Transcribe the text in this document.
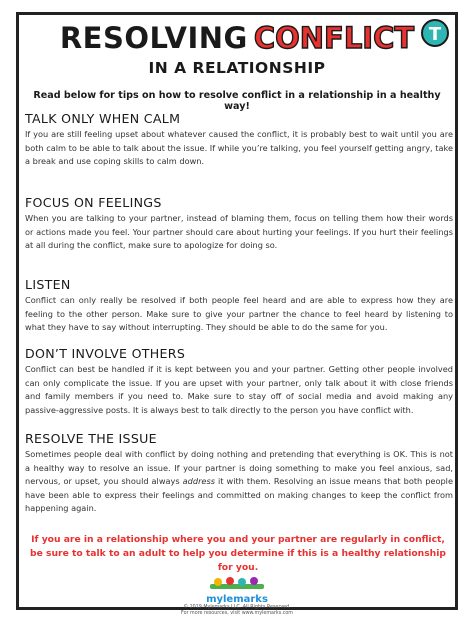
RESOLVING CONFLICT T
IN A RELATIONSHIP
Read below for tips on how to resolve conflict in a relationship in a healthy way!
TALK ONLY WHEN CALM

If you are still feeling upset about whatever caused the conflict, it is probably best to wait until you are both calm to be able to talk about the issue. If while you’re talking, you feel yourself getting angry, take a break and use coping skills to calm down.

FOCUS ON FEELINGS

When you are talking to your partner, instead of blaming them, focus on telling them how their words or actions made you feel. Your partner should care about hurting your feelings. If you hurt their feelings at all during the conflict, make sure to apologize for doing so.

LISTEN

Conflict can only really be resolved if both people feel heard and are able to express how they are feeling to the other person. Make sure to give your partner the chance to feel heard by listening to what they have to say without interrupting. They should be able to do the same for you.

DON’T INVOLVE OTHERS

Conflict can best be handled if it is kept between you and your partner. Getting other people involved can only complicate the issue. If you are upset with your partner, only talk about it with close friends and family members if you need to. Make sure to stay off of social media and avoid making any passive-aggressive posts. It is always best to talk directly to the person you have conflict with.

RESOLVE THE ISSUE

Sometimes people deal with conflict by doing nothing and pretending that everything is OK. This is not a healthy way to resolve an issue. If your partner is doing something to make you feel anxious, sad, nervous, or upset, you should always address it with them. Resolving an issue means that both people have been able to express their feelings and committed on making changes to keep the conflict from happening again.

If you are in a relationship where you and your partner are regularly in conflict, be sure to talk to an adult to help you determine if this is a healthy relationship for you.
mylemarks
© 2019 Mylemarks LLC. All Rights Reserved.
For more resources, visit www.mylemarks.com
